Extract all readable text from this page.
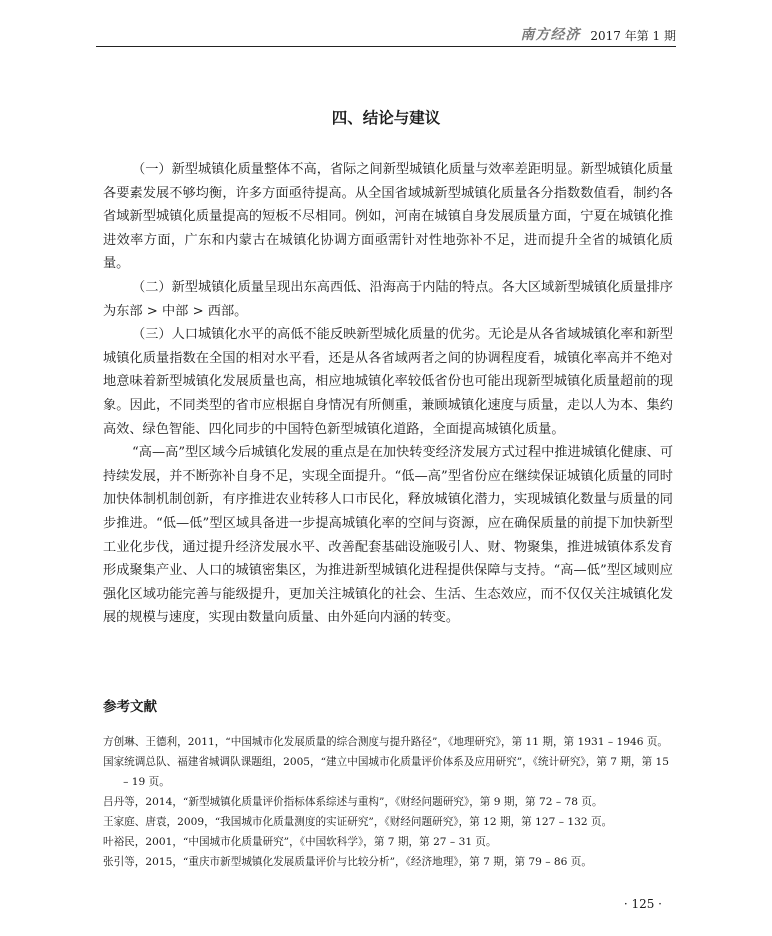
南方经济 2017 年第 1 期
四、结论与建议

（一）新型城镇化质量整体不高，省际之间新型城镇化质量与效率差距明显。新型城镇化质量各要素发展不够均衡，许多方面亟待提高。从全国省域城新型城镇化质量各分指数数值看，制约各省域新型城镇化质量提高的短板不尽相同。例如，河南在城镇自身发展质量方面，宁夏在城镇化推进效率方面，广东和内蒙古在城镇化协调方面亟需针对性地弥补不足，进而提升全省的城镇化质量。

（二）新型城镇化质量呈现出东高西低、沿海高于内陆的特点。各大区域新型城镇化质量排序为东部 > 中部 > 西部。

（三）人口城镇化水平的高低不能反映新型城化质量的优劣。无论是从各省域城镇化率和新型城镇化质量指数在全国的相对水平看，还是从各省域两者之间的协调程度看，城镇化率高并不绝对地意味着新型城镇化发展质量也高，相应地城镇化率较低省份也可能出现新型城镇化质量超前的现象。因此，不同类型的省市应根据自身情况有所侧重，兼顾城镇化速度与质量，走以人为本、集约高效、绿色智能、四化同步的中国特色新型城镇化道路，全面提高城镇化质量。

“高—高”型区域今后城镇化发展的重点是在加快转变经济发展方式过程中推进城镇化健康、可持续发展，并不断弥补自身不足，实现全面提升。“低—高”型省份应在继续保证城镇化质量的同时加快体制机制创新，有序推进农业转移人口市民化，释放城镇化潜力，实现城镇化数量与质量的同步推进。“低—低”型区域具备进一步提高城镇化率的空间与资源，应在确保质量的前提下加快新型工业化步伐，通过提升经济发展水平、改善配套基础设施吸引人、财、物聚集，推进城镇体系发育形成聚集产业、人口的城镇密集区，为推进新型城镇化进程提供保障与支持。“高—低”型区域则应强化区域功能完善与能级提升，更加关注城镇化的社会、生活、生态效应，而不仅仅关注城镇化发展的规模与速度，实现由数量向质量、由外延向内涵的转变。

参考文献
方创琳、王德利，2011，“中国城市化发展质量的综合测度与提升路径”，《地理研究》，第 11 期，第 1931 – 1946 页。
国家统调总队、福建省城调队课题组，2005，“建立中国城市化质量评价体系及应用研究”，《统计研究》，第 7 期，第 15 – 19 页。
吕丹等，2014，“新型城镇化质量评价指标体系综述与重构”，《财经问题研究》，第 9 期，第 72 – 78 页。
王家庭、唐袁，2009，“我国城市化质量测度的实证研究”，《财经问题研究》，第 12 期，第 127 – 132 页。
叶裕民，2001，“中国城市化质量研究”，《中国软科学》，第 7 期，第 27 – 31 页。
张引等，2015，“重庆市新型城镇化发展质量评价与比较分析”，《经济地理》，第 7 期，第 79 – 86 页。
· 125 ·
